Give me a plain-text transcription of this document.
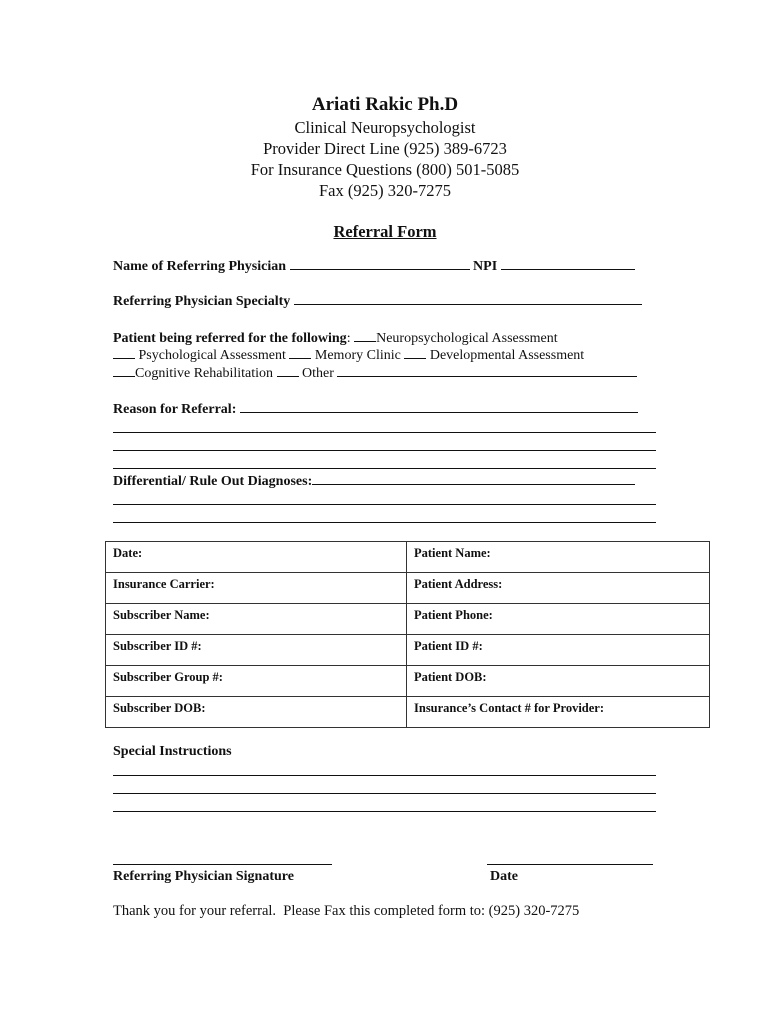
Ariati Rakic Ph.D
Clinical Neuropsychologist
Provider Direct Line (925) 389-6723
For Insurance Questions (800) 501-5085
Fax (925) 320-7275
Referral Form
Name of Referring Physician	NPI
Referring Physician Specialty
Patient being referred for the following: Neuropsychological Assessment
Psychological Assessment Memory Clinic Developmental Assessment
Cognitive Rehabilitation Other
Reason for Referral:
Differential/ Rule Out Diagnoses:
Date:	Patient Name:
Insurance Carrier:	Patient Address:
Subscriber Name:	Patient Phone:
Subscriber ID #:	Patient ID #:
Subscriber Group #:	Patient DOB:
Subscriber DOB:	Insurance’s Contact # for Provider:
Special Instructions
Referring Physician Signature	Date
Thank you for your referral.  Please Fax this completed form to: (925) 320-7275
